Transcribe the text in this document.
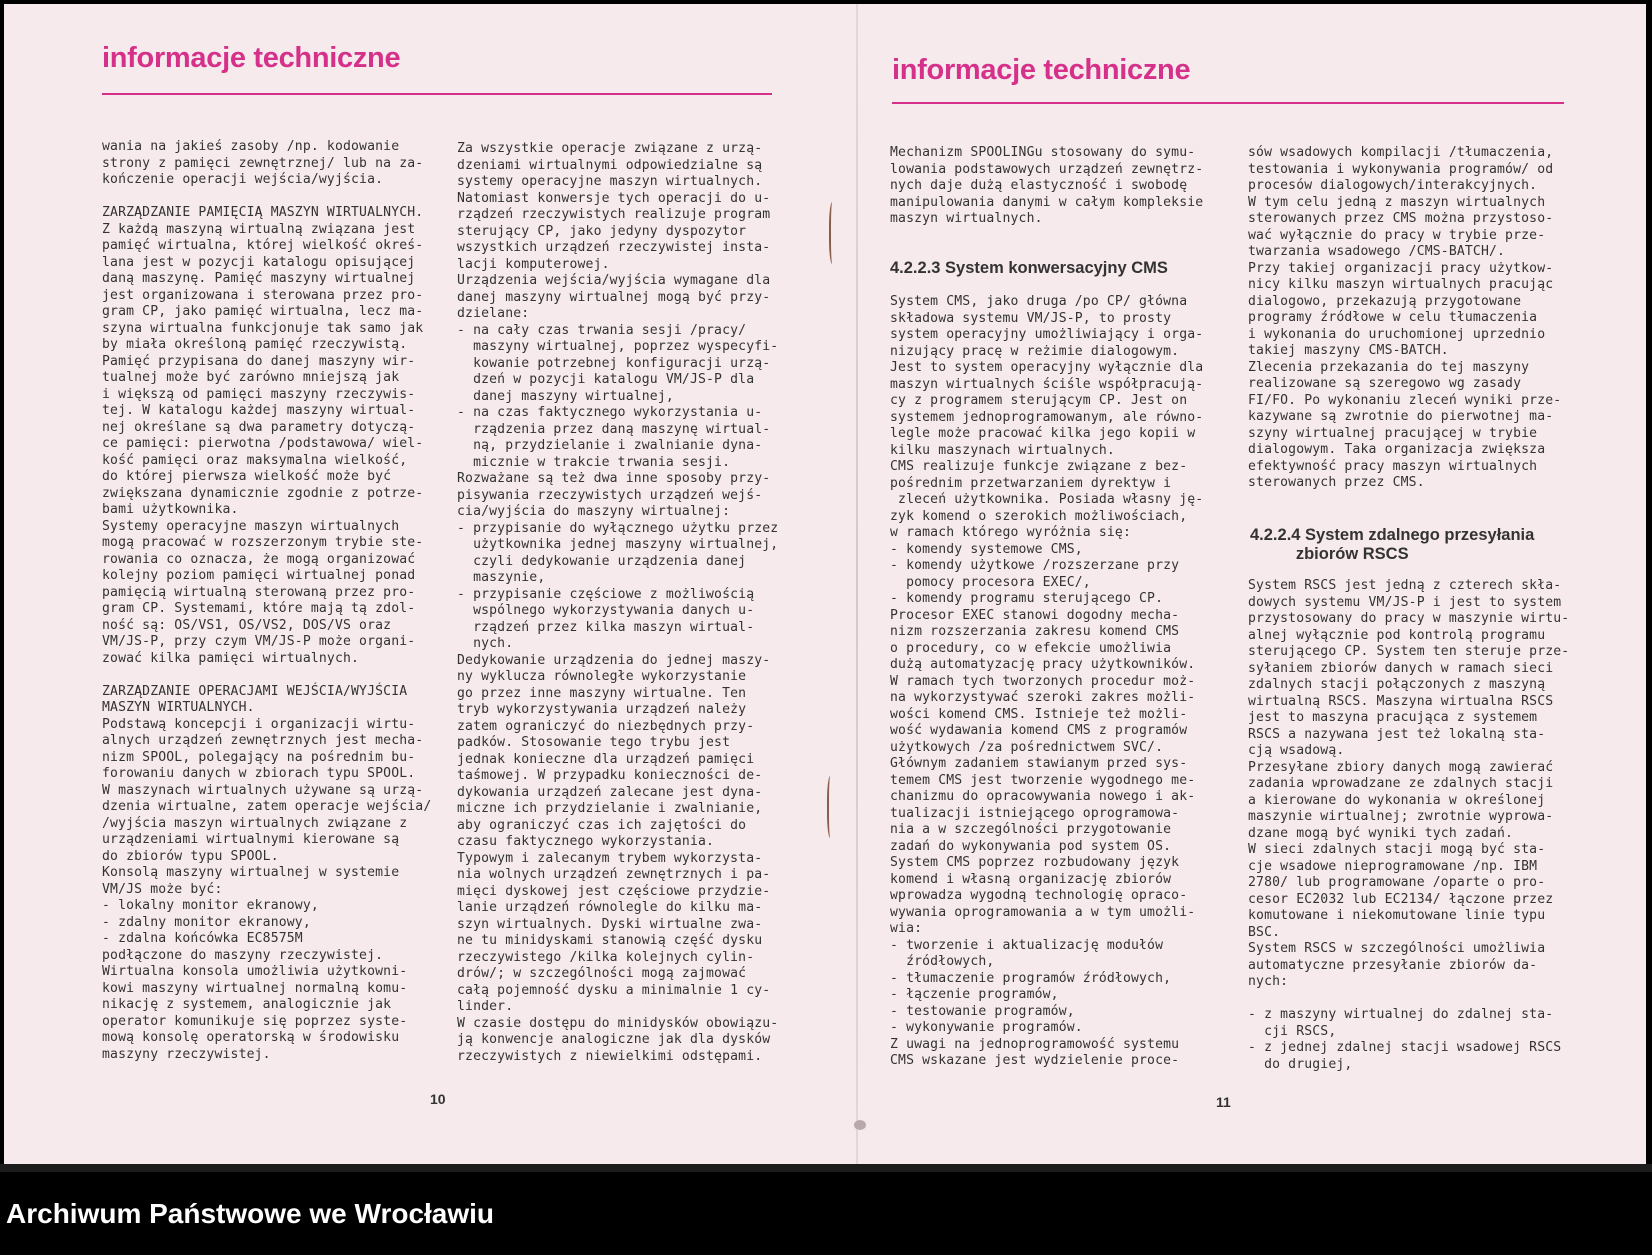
informacje techniczne
wania na jakieś zasoby /np. kodowanie
strony z pamięci zewnętrznej/ lub na za-
kończenie operacji wejścia/wyjścia.

ZARZĄDZANIE PAMIĘCIĄ MASZYN WIRTUALNYCH.
Z każdą maszyną wirtualną związana jest
pamięć wirtualna, której wielkość okreś-
lana jest w pozycji katalogu opisującej
daną maszynę. Pamięć maszyny wirtualnej
jest organizowana i sterowana przez pro-
gram CP, jako pamięć wirtualna, lecz ma-
szyna wirtualna funkcjonuje tak samo jak
by miała określoną pamięć rzeczywistą.
Pamięć przypisana do danej maszyny wir-
tualnej może być zarówno mniejszą jak
i większą od pamięci maszyny rzeczywis-
tej. W katalogu każdej maszyny wirtual-
nej określane są dwa parametry dotyczą-
ce pamięci: pierwotna /podstawowa/ wiel-
kość pamięci oraz maksymalna wielkość,
do której pierwsza wielkość może być
zwiększana dynamicznie zgodnie z potrze-
bami użytkownika.
Systemy operacyjne maszyn wirtualnych
mogą pracować w rozszerzonym trybie ste-
rowania co oznacza, że mogą organizować
kolejny poziom pamięci wirtualnej ponad
pamięcią wirtualną sterowaną przez pro-
gram CP. Systemami, które mają tą zdol-
ność są: OS/VS1, OS/VS2, DOS/VS oraz
VM/JS-P, przy czym VM/JS-P może organi-
zować kilka pamięci wirtualnych.

ZARZĄDZANIE OPERACJAMI WEJŚCIA/WYJŚCIA
MASZYN WIRTUALNYCH.
Podstawą koncepcji i organizacji wirtu-
alnych urządzeń zewnętrznych jest mecha-
nizm SPOOL, polegający na pośrednim bu-
forowaniu danych w zbiorach typu SPOOL.
W maszynach wirtualnych używane są urzą-
dzenia wirtualne, zatem operacje wejścia/
/wyjścia maszyn wirtualnych związane z
urządzeniami wirtualnymi kierowane są
do zbiorów typu SPOOL.
Konsolą maszyny wirtualnej w systemie
VM/JS może być:
- lokalny monitor ekranowy,
- zdalny monitor ekranowy,
- zdalna końcówka EC8575M
podłączone do maszyny rzeczywistej.
Wirtualna konsola umożliwia użytkowni-
kowi maszyny wirtualnej normalną komu-
nikację z systemem, analogicznie jak
operator komunikuje się poprzez syste-
mową konsolę operatorską w środowisku
maszyny rzeczywistej.
Za wszystkie operacje związane z urzą-
dzeniami wirtualnymi odpowiedzialne są
systemy operacyjne maszyn wirtualnych.
Natomiast konwersje tych operacji do u-
rządzeń rzeczywistych realizuje program
sterujący CP, jako jedyny dyspozytor
wszystkich urządzeń rzeczywistej insta-
lacji komputerowej.
Urządzenia wejścia/wyjścia wymagane dla
danej maszyny wirtualnej mogą być przy-
dzielane:
- na cały czas trwania sesji /pracy/
maszyny wirtualnej, poprzez wyspecyfi-
kowanie potrzebnej konfiguracji urzą-
dzeń w pozycji katalogu VM/JS-P dla
danej maszyny wirtualnej,
- na czas faktycznego wykorzystania u-
rządzenia przez daną maszynę wirtual-
ną, przydzielanie i zwalnianie dyna-
micznie w trakcie trwania sesji.
Rozważane są też dwa inne sposoby przy-
pisywania rzeczywistych urządzeń wejś-
cia/wyjścia do maszyny wirtualnej:
- przypisanie do wyłącznego użytku przez
użytkownika jednej maszyny wirtualnej,
czyli dedykowanie urządzenia danej
maszynie,
- przypisanie częściowe z możliwością
wspólnego wykorzystywania danych u-
rządzeń przez kilka maszyn wirtual-
nych.
Dedykowanie urządzenia do jednej maszy-
ny wyklucza równoległe wykorzystanie
go przez inne maszyny wirtualne. Ten
tryb wykorzystywania urządzeń należy
zatem ograniczyć do niezbędnych przy-
padków. Stosowanie tego trybu jest
jednak konieczne dla urządzeń pamięci
taśmowej. W przypadku konieczności de-
dykowania urządzeń zalecane jest dyna-
miczne ich przydzielanie i zwalnianie,
aby ograniczyć czas ich zajętości do
czasu faktycznego wykorzystania.
Typowym i zalecanym trybem wykorzysta-
nia wolnych urządzeń zewnętrznych i pa-
mięci dyskowej jest częściowe przydzie-
lanie urządzeń równolegle do kilku ma-
szyn wirtualnych. Dyski wirtualne zwa-
ne tu minidyskami stanowią część dysku
rzeczywistego /kilka kolejnych cylin-
drów/; w szczególności mogą zajmować
całą pojemność dysku a minimalnie 1 cy-
linder.
W czasie dostępu do minidysków obowiązu-
ją konwencje analogiczne jak dla dysków
rzeczywistych z niewielkimi odstępami.
10
informacje techniczne
Mechanizm SPOOLINGu stosowany do symu-
lowania podstawowych urządzeń zewnętrz-
nych daje dużą elastyczność i swobodę
manipulowania danymi w całym kompleksie
maszyn wirtualnych.
4.2.2.3 System konwersacyjny CMS
System CMS, jako druga /po CP/ główna
składowa systemu VM/JS-P, to prosty
system operacyjny umożliwiający i orga-
nizujący pracę w reżimie dialogowym.
Jest to system operacyjny wyłącznie dla
maszyn wirtualnych ściśle współpracują-
cy z programem sterującym CP. Jest on
systemem jednoprogramowanym, ale równo-
legle może pracować kilka jego kopii w
kilku maszynach wirtualnych.
CMS realizuje funkcje związane z bez-
pośrednim przetwarzaniem dyrektyw i
zleceń użytkownika. Posiada własny ję-
zyk komend o szerokich możliwościach,
w ramach którego wyróżnia się:
- komendy systemowe CMS,
- komendy użytkowe /rozszerzane przy
pomocy procesora EXEC/,
- komendy programu sterującego CP.
Procesor EXEC stanowi dogodny mecha-
nizm rozszerzania zakresu komend CMS
o procedury, co w efekcie umożliwia
dużą automatyzację pracy użytkowników.
W ramach tych tworzonych procedur moż-
na wykorzystywać szeroki zakres możli-
wości komend CMS. Istnieje też możli-
wość wydawania komend CMS z programów
użytkowych /za pośrednictwem SVC/.
Głównym zadaniem stawianym przed sys-
temem CMS jest tworzenie wygodnego me-
chanizmu do opracowywania nowego i ak-
tualizacji istniejącego oprogramowa-
nia a w szczególności przygotowanie
zadań do wykonywania pod system OS.
System CMS poprzez rozbudowany język
komend i własną organizację zbiorów
wprowadza wygodną technologię opraco-
wywania oprogramowania a w tym umożli-
wia:
- tworzenie i aktualizację modułów
źródłowych,
- tłumaczenie programów źródłowych,
- łączenie programów,
- testowanie programów,
- wykonywanie programów.
Z uwagi na jednoprogramowość systemu
CMS wskazane jest wydzielenie proce-
sów wsadowych kompilacji /tłumaczenia,
testowania i wykonywania programów/ od
procesów dialogowych/interakcyjnych.
W tym celu jedną z maszyn wirtualnych
sterowanych przez CMS można przystoso-
wać wyłącznie do pracy w trybie prze-
twarzania wsadowego /CMS-BATCH/.
Przy takiej organizacji pracy użytkow-
nicy kilku maszyn wirtualnych pracując
dialogowo, przekazują przygotowane
programy źródłowe w celu tłumaczenia
i wykonania do uruchomionej uprzednio
takiej maszyny CMS-BATCH.
Zlecenia przekazania do tej maszyny
realizowane są szeregowo wg zasady
FI/FO. Po wykonaniu zleceń wyniki prze-
kazywane są zwrotnie do pierwotnej ma-
szyny wirtualnej pracującej w trybie
dialogowym. Taka organizacja zwiększa
efektywność pracy maszyn wirtualnych
sterowanych przez CMS.
4.2.2.4 System zdalnego przesyłania
zbiorów RSCS
System RSCS jest jedną z czterech skła-
dowych systemu VM/JS-P i jest to system
przystosowany do pracy w maszynie wirtu-
alnej wyłącznie pod kontrolą programu
sterującego CP. System ten steruje prze-
syłaniem zbiorów danych w ramach sieci
zdalnych stacji połączonych z maszyną
wirtualną RSCS. Maszyna wirtualna RSCS
jest to maszyna pracująca z systemem
RSCS a nazywana jest też lokalną sta-
cją wsadową.
Przesyłane zbiory danych mogą zawierać
zadania wprowadzane ze zdalnych stacji
a kierowane do wykonania w określonej
maszynie wirtualnej; zwrotnie wyprowa-
dzane mogą być wyniki tych zadań.
W sieci zdalnych stacji mogą być sta-
cje wsadowe nieprogramowane /np. IBM
2780/ lub programowane /oparte o pro-
cesor EC2032 lub EC2134/ łączone przez
komutowane i niekomutowane linie typu
BSC.
System RSCS w szczególności umożliwia
automatyczne przesyłanie zbiorów da-
nych:

- z maszyny wirtualnej do zdalnej sta-
cji RSCS,
- z jednej zdalnej stacji wsadowej RSCS
do drugiej,
11
Archiwum Państwowe we Wrocławiu
